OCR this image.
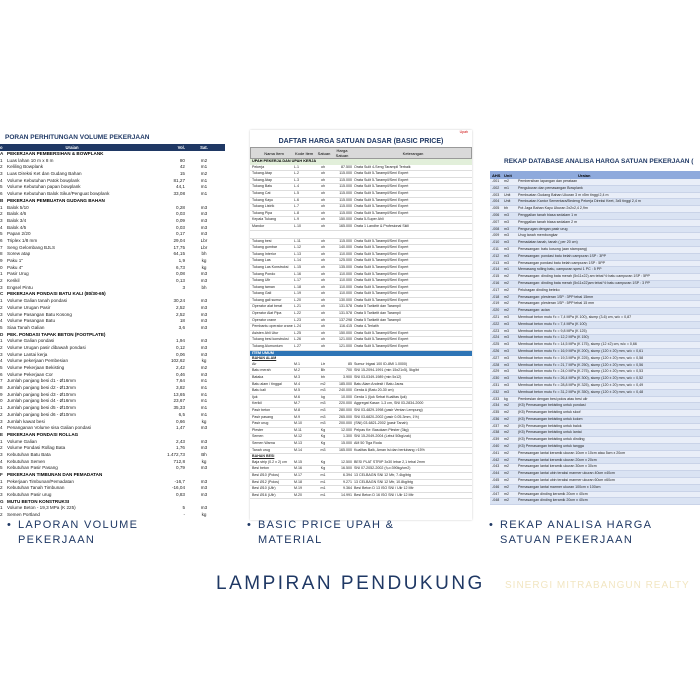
PORAN PERHITUNGAN VOLUME PEKERJAAN
o	Uraian	Vol.	Sat.
A PEKERJAAN PEMBERSIHAN & BOWPLANK
1 Luas lahan 10 m x 8 m	80	m2
2 Keliling Bowplank	42	m1
3 Luas Direksi Ket dan Gudang Bahan	15	m2
4 Volume Kebutuhan Patok bowplank	81,27	m1
5 Volume Kebutuhan papan bowplank	44,1	m1
6 Volume Kebutuhan Balok Sikur/Penguat bowplank	33,08	m1
B PEKERJAAN PEMBUATAN GUDANG BAHAN
1 Balok 5/10	0,28	m3
2 Balok 4/6	0,03	m3
3 Balok 3/4	0,09	m3
4 Balok 4/5	0,03	m3
5 Papan 2/20	0,17	m3
6 Triplex 1/8 mm	29,04	Lbr
7 Seng Gelombang BJLS	17,75	Lbr
8 Sorew atap	64,15	bh
9 Paku 1"	1,9	kg
0 Paku 4"	6,73	kg
1 Pasir Urug	0,08	m3
2 Kerikil	0,13	m3
3 Engsel Pintu	3	bh
C PEKERJAAN PONDASI BATU KALI (80/30-65)
1 Volume Galian tanah pondasi	30,24	m3
2 Volume Urugan Pasir	2,52	m3
3 Volume Pasangan Batu Kosong	2,52	m3
4 Volume Pasangan Batu	18	m3
5 Siaa Tanah Galian	3,6	m3
D PEK. PONDASI TAPAK BETON (FOOTPLATE)
1 Volume Galian pondasi	1,94	m3
2 Volume Urugan pasir dibawah pondasi	0,12	m3
3 Volume Lantai kerja	0,06	m3
4 Volume pekerjaan Pembesian	102,62	kg
5 Volume Pekerjaan Bekisting	2,42	m2
6 Volume Pekerjaan Cor	0,46	m3
7 Jumlah panjang besi d1 - Ø16mm	7,64	m1
8 Jumlah panjang besi d2 - Ø13mm	3,82	m1
9 Jumlah panjang besi d3 - Ø10mm	13,65	m1
0 Jumlah panjang besi d4 - Ø16mm	23,67	m1
1 Jumlah panjang besi d5 - Ø10mm	35,33	m1
2 Jumlah panjang besi d6 - Ø10mm	6,5	m1
3 Jumlah kawat besi	0,66	kg
4 Penanganan Volume sisa Galian pondasi	1,47	m3
E PEKERJAAN PONDASI ROLLAG
1 Volume Galian	2,43	m3
2 Volume Pondasi Rollag Bata	1,76	m3
3 Kebutuhan Batu Bata	1.472,73	Bh
4 Kebutuhan Semen	712,8	kg
5 Kebutuhan Pasir Pasang	0,79	m3
F PEKERJAAN TIMBUNAN DAN PEMADATAN
1 Pekerjaan Timbunan/Pemadatan	-16,7	m3
2 Kebutuhan Tanah Timbunan	-16,04	m3
3 Kebutuhan Pasir urug	0,83	m3
G MUTU BETON KONSTRUKSI
1 Volume Beton - 19,3 MPa (K 225)	5	m3
2 Semen Portland	-	kg
Upah
DAFTAR HARGA SATUAN DASAR (BASIC PRICE)
Nama Item	Kode Item	Satuan	Harga Satuan	Keterangan
UPAH PEKERJA DAN UPAH KERJA
Pekerja	L.1	oh	87.500 Orata Sulit 4-Seng Tarampil Terbaik
Tukang Atap	L.2	oh	115.000 Orata Sulit 5-Tarampil/Seni Expert
Tukang Atap	L.3	oh	115.000 Orata Sulit 5-Tarampil/Seni Expert
Tukang Batu	L.4	oh	115.000 Orata Sulit 5-Tarampil/Seni Expert
Tukang Cat	L.5	oh	115.000 Orata Sulit 5-Tarampil/Seni Expert
Tukang Kayu	L.6	oh	115.000 Orata Sulit 5-Tarampil/Seni Expert
Tukang Listrik	L.7	oh	115.000 Orata Sulit 5-Tarampil/Seni Expert
Tukang Pipa	L.8	oh	115.000 Orata Sulit 5-Tarampil/Seni Expert
Kepala Tukang	L.9	oh	150.000 Orata 5-Super Ahli
Mandor	L.10	oh	165.000 Orata 1 Landhe & Profesional Skill
Tukang besi	L.11	oh	115.000 Orata Sulit 5-Tarampil/Seni Expert
Tukang gumbar	L.12	oh	140.000 Orata Sulit 5-Tarampil/Seni Expert
Tukang Interior	L.13	oh	110.000 Orata Sulit 5-Tarampil/Seni Expert
Tukang Las	L.14	oh	125.000 Orata Sulit 5-Tarampil/Seni Expert
Tukang Las Konstruksi	L.15	oh	135.000 Orata Sulit 5-Tarampil/Seni Expert
Tukang Pondo	L.16	oh	110.000 Orata Sulit 5-Tarampil/Seni Expert
Tukang Ulir	L.17	oh	110.000 Orata Sulit 5-Tarampil/Seni Expert
Tukang taman	L.18	oh	110.000 Orata Sulit 5-Tarampil/Seni Expert
Tukang Gali	L.19	oh	110.000 Orata Sulit 5-Tarampil/Seni Expert
Tukang gali sumur	L.20	oh	130.000 Orata Sulit 5-Tarampil/Seni Expert
Operator alat berat	L.21	oh	131.578 Orata 5 Tarikelit dan Tarampil
Operator Alat Pipa	L.22	oh	131.578 Orata 5 Tarikelit dan Tarampil
Operator crane	L.23	oh	137.298 Orata 5 Tarikelit dan Tarampil
Pembantu operator crane L.24	oh	116.415 Orata 4-Terlatih
Asisten Ahli Utur	L.25	oh	150.000 Orata Sulit 5-Tarampil/Seni Expert
Tukang besi konstruksi	L.26	oh	121.000 Orata Sulit 5-Tarampil/Seni Expert
Tukang Alumunium	L.27	oh	121.000 Orata Sulit 5-Tarampil/Seni Expert
ITEM UMUM
BAHAN ALAM
Air	M.1	Ltr	85 Sumur Irigasi 100 ID-8MI 1.0000)
Batu merah	M.2	Bh	700 SNI 15-2094-1991 (min 15x21x5), 5kg/bt
Bataka	M.3	bh	3.900 SNI 03-0349-1989 (min 5x12)
Batu alam / tinggal	M.4	m2	185.000 Batu Alam Andesit / Batu Jaras
Batu kali	M.5	m3	240.000 Gerda A (Batu 20-30 cm)
Ijuk	M.6	kg	10.000 Gerda 1 (Ijuk Sebat Kualitas Ijuk)
Kerikil	M.7	m3	220.000 Aggregat Kasar: 1-3 cm, SNI 03-2834-2000
Pasir beton	M.8	m3	280.000 SNI 03-4829-1998 (pasir Ventan Lempung)
Pasir pasang	M.9	m3	265.000 SNI 03-6820-2002 (pasir 0.05-3mm, 1%)
Pasir urug	M.10	m3	200.000 (SNI) 03-6821-2002 (pasir Tanah)
Plester	M.11	Kg	12.000 Pelpas Ke: Basokam Plester (3kg)
Semen	M.12	Kg	1.300 SNI 15-2049-2004 (Lebul 50kg/zak)
Semen Warna	M.13	Kg	15.000 AM 50 Tiga Roda
Tanah urug	M.14	m3	165.000 Kualitas Baik, Aman Isi dan berlubang >15%
BAHAN BESI
Baja strip (0.2 x 2) cm	M.15	Kg	12.500 BESI PLAT STRIP 3x30 lebar 2,1 tebal 2mm
Besi beton	M.16	Kg	16.500 SNI 07-2052-2002 (f,u=390kg/cm2)
Besi Ø10 (Polos)	M.17	m1	6.394 13 CELBAGN SNI 12 Mtr, 7.4kg/btg
Besi Ø12 (Polos)	M.18	m1	9.271 13 CELBAGN SNI 12 Mtr, 10.8kg/btg
Besi Ø10 (Ulir)	M.19	m1	9.364 Besi Beton D 13 ISO SNI / Ulir 12 Mtr
Besi Ø16 (Ulir)	M.20	m1	14.991 Besi Beton D 16 ISO SNI / Ulir 12 Mtr
REKAP DATABASE ANALISA HARGA SATUAN PEKERJAAN (
AHS Unit	Uraian
-001	m2	Pembersihan lapangan dan perataan
-002	m1	Pengukuran dan pemasangan Bowplank
-003	Unit	Pembuatan Gudang Bahan Ukuran 3 m x5m tinggi 2,4 m
-004	Unit	Pembuatan Kantor Sementara/Bedeng Pekerja Direksi Keet, 3x5 tinggi 2,4 m
-005	bh	Pot Jaga Bahan Kayu Ukuran 2x2x2,4 2,9m
-006	m3	Penggalian tanah biasa sedalam 1 m
-007	m3	Penggalian tanah biasa sedalam 2 m
-008	m3	Pengurugan dengan pasir urug
-009	m3	Urug tanah membongkar
-010	m3	Pemadatan tanah, tanah ( per 20 cm)
-011	m3	Pemasangan: batu kosong (aan stampang)
-012	m3	Pemasangan: pondasi batu belah campuran 1SP : 3PP
-013	m3	Pemasangan pondasi batu belah campuran 1SP : 5PP
-014	m1	Memasang rolling batu, campuran spesi 1 PC : 5 PP
-015	m2	Pemasangan: dinding bata merah (5x11x22) am tebal ½ batu campuran 1SP : 5PP
-016	m2	Pemasangan: dinding bata merah (5x11x22)am tebal ½ batu campuran 1SP : 3 PP
-017	m2	Pelubagan dinding beteko
-018	m2	Pemasangan: plesteran 1SP : 3PP tebal 15mm
-019	m2	Pemasangan: plesteran 1SP : 5PP tebal 15 mm
-020	m2	Pemasangan: acian
-021	m3	Membuat beton mutu f'c = 7,4 MPa (K 100), slump (3-6) cm, w/c = 0,87
-022	m3	Membuat beton mutu f'c = 7,4 MPa (K 100)
-023	m3	Membuat beton mutu f'c = 9,8 MPa (K 125)
-024	m3	Membuat beton mutu f'c = 12,2 MPa (K 150)
-025	m3	Membuat beton mutu f'c = 14,5 MPa (K 175), slump (12 ±2) cm, w/c = 0,66
-026	m3	Membuat beton mutu f'c = 16,9 MPa (K 200), slump (120 ± 20) mm, w/c = 0,61
-027	m3	Membuat beton mutu f'c = 19,3 MPa (K 225), slump (120 ± 20) mm, w/c = 0,58
-028	m3	Membuat beton mutu f'c = 21,7 MPa (K 250), slump (120 ± 20) mm, w/c = 0,56
-029	m3	Membuat beton mutu f'c = 24,0 MPa (K 275), slump (120 ± 20) mm, w/c = 0,53
-030	m3	Membuat beton mutu f'c = 26,4 MPa (K 300), slump (120 ± 20) mm, w/c = 0,52
-031	m3	Membuat beton mutu f'c = 28,8 MPa (K 325), slump (120 ± 20) mm, w/c = 0,49
-032	m3	Membuat beton mutu f'c = 31,2 MPa (K 350), slump (120 ± 20) mm, w/c = 0,48
-033	kg	Pembesian dengan besi polos atau besi ulir
-034	m2	(K5) Pemasangan bekisting untuk pondasi
-035	m2	(K5) Pemasangan bekisting untuk sloof
-036	m2	(K5) Pemasangan bekisting untuk kolom
-037	m2	(K5) Pemasangan bekisting untuk balok
-038	m2	(K5) Pemasangan bekisting untuk lantai
-039	m2	(K5) Pemasangan bekisting untuk dinding
-040	m2	(K5) Pemasangan bekisting untuk tangga
-041	m2	Pemasangan lantai keramik ukuran 10cm x 10cm atau 5cm x 20cm
-042	m2	Pemasangan lantai keramik ukuran 20cm x 20cm
-043	m2	Pemasangan lantai keramik ukuran 30cm x 30cm
-044	m2	Pemasangan lantai ubin teraksi marmer ukuran 40cm x40cm
-045	m2	Pemasangan lantai ubin teraksi marmer ukuran 60cm x60cm
-046	m2	Pemasangan lantai marmer ukuran 100cm x 100cm
-047	m2	Pemasangan dinding keramik 20cm x 40cm
-048	m2	Pemasangan dinding keramik 20cm x 40cm
• LAPORAN VOLUME
PEKERJAAN
• BASIC PRICE UPAH &
MATERIAL
• REKAP ANALISA HARGA
SATUAN PEKERJAAN
LAMPIRAN PENDUKUNG SINERGI MITRABANGUN REALTY
